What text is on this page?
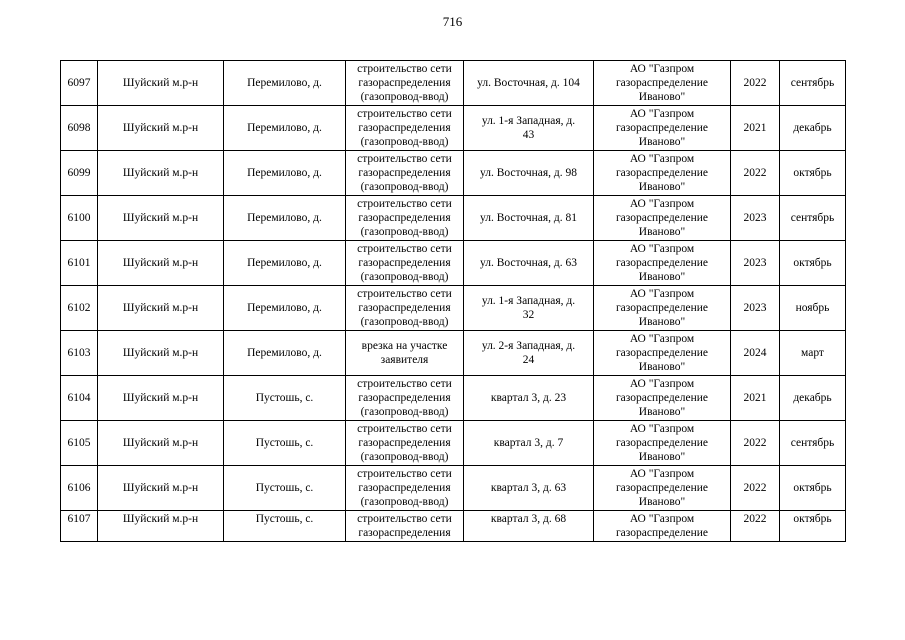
716
6097	Шуйский м.р-н	Перемилово, д.	строительство сети
газораспределения
(газопровод-ввод)	ул. Восточная, д. 104	АО "Газпром
газораспределение
Иваново"	2022	сентябрь
6098	Шуйский м.р-н	Перемилово, д.	строительство сети
газораспределения
(газопровод-ввод)	ул. 1-я Западная, д.
43	АО "Газпром
газораспределение
Иваново"	2021	декабрь
6099	Шуйский м.р-н	Перемилово, д.	строительство сети
газораспределения
(газопровод-ввод)	ул. Восточная, д. 98	АО "Газпром
газораспределение
Иваново"	2022	октябрь
6100	Шуйский м.р-н	Перемилово, д.	строительство сети
газораспределения
(газопровод-ввод)	ул. Восточная, д. 81	АО "Газпром
газораспределение
Иваново"	2023	сентябрь
6101	Шуйский м.р-н	Перемилово, д.	строительство сети
газораспределения
(газопровод-ввод)	ул. Восточная, д. 63	АО "Газпром
газораспределение
Иваново"	2023	октябрь
6102	Шуйский м.р-н	Перемилово, д.	строительство сети
газораспределения
(газопровод-ввод)	ул. 1-я Западная, д.
32	АО "Газпром
газораспределение
Иваново"	2023	ноябрь
6103	Шуйский м.р-н	Перемилово, д.	врезка на участке
заявителя	ул. 2-я Западная, д.
24	АО "Газпром
газораспределение
Иваново"	2024	март
6104	Шуйский м.р-н	Пустошь, с.	строительство сети
газораспределения
(газопровод-ввод)	квартал 3, д. 23	АО "Газпром
газораспределение
Иваново"	2021	декабрь
6105	Шуйский м.р-н	Пустошь, с.	строительство сети
газораспределения
(газопровод-ввод)	квартал 3, д. 7	АО "Газпром
газораспределение
Иваново"	2022	сентябрь
6106	Шуйский м.р-н	Пустошь, с.	строительство сети
газораспределения
(газопровод-ввод)	квартал 3, д. 63	АО "Газпром
газораспределение
Иваново"	2022	октябрь
6107	Шуйский м.р-н	Пустошь, с.	строительство сети
газораспределения	квартал 3, д. 68	АО "Газпром
газораспределение	2022	октябрь
